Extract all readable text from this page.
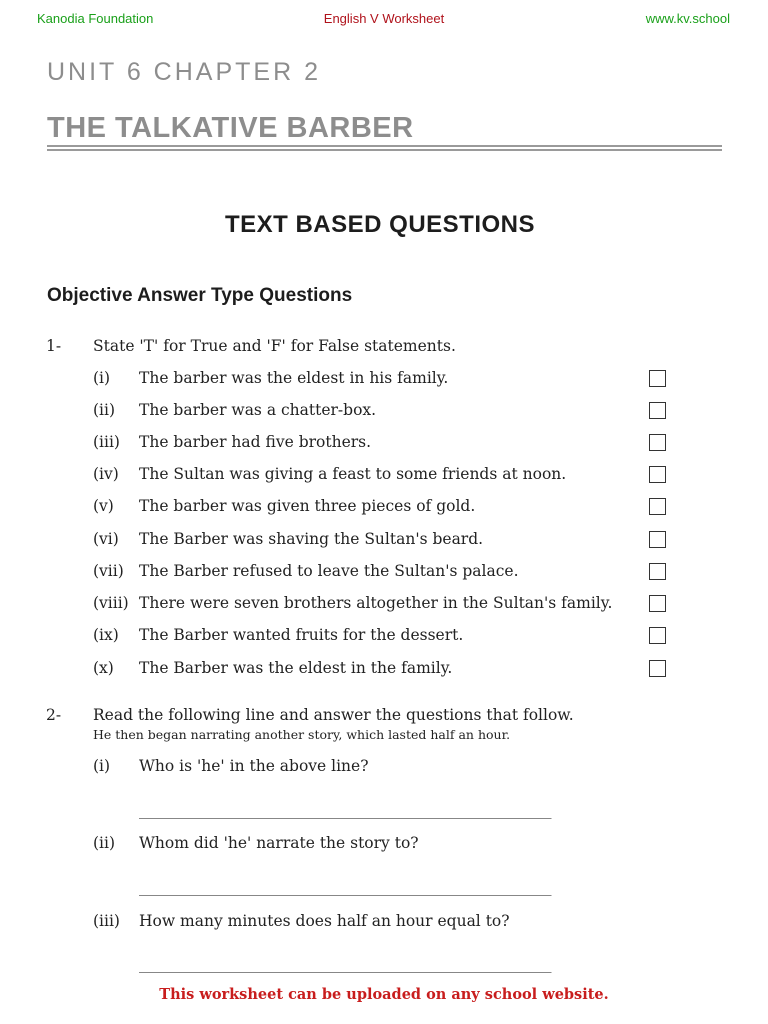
Kanodia Foundation	English V Worksheet	www.kv.school
UNIT 6 CHAPTER 2
THE TALKATIVE BARBER
TEXT BASED QUESTIONS
Objective Answer Type Questions
1- State 'T' for True and 'F' for False statements.
(i) The barber was the eldest in his family.
(ii) The barber was a chatter-box.
(iii) The barber had five brothers.
(iv) The Sultan was giving a feast to some friends at noon.
(v) The barber was given three pieces of gold.
(vi) The Barber was shaving the Sultan's beard.
(vii) The Barber refused to leave the Sultan's palace.
(viii) There were seven brothers altogether in the Sultan's family.
(ix) The Barber wanted fruits for the dessert.
(x) The Barber was the eldest in the family.
2- Read the following line and answer the questions that follow.
He then began narrating another story, which lasted half an hour.
(i) Who is 'he' in the above line?
_______________________________________________________
(ii) Whom did 'he' narrate the story to?
_______________________________________________________
(iii) How many minutes does half an hour equal to?
_______________________________________________________
This worksheet can be uploaded on any school website.
